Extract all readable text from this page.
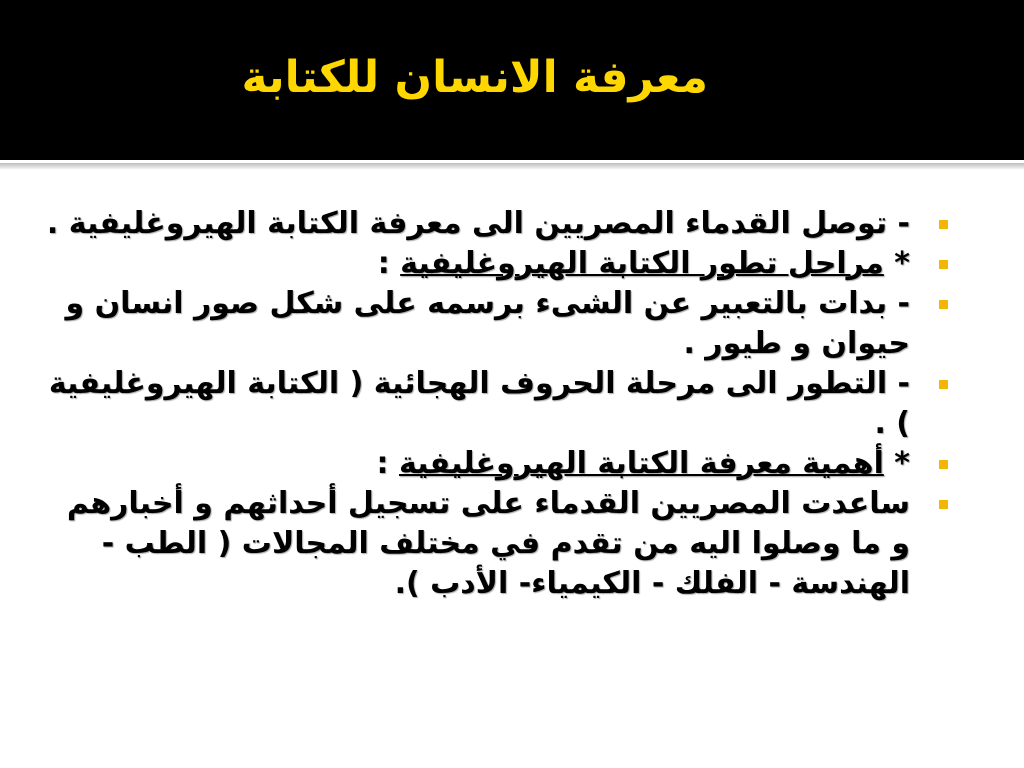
معرفة الانسان للكتابة
- توصل القدماء المصريين الى معرفة الكتابة الهيروغليفية .
* مراحل تطور الكتابة الهيروغليفية :
- بدات بالتعبير عن الشىء برسمه على شكل صور انسان و حيوان و طيور .
- التطور الى مرحلة الحروف الهجائية ( الكتابة الهيروغليفية ) .
* أهمية معرفة الكتابة الهيروغليفية :
ساعدت المصريين القدماء على تسجيل أحداثهم و أخبارهم و ما وصلوا اليه من تقدم في مختلف المجالات ( الطب - الهندسة - الفلك - الكيمياء- الأدب ).
